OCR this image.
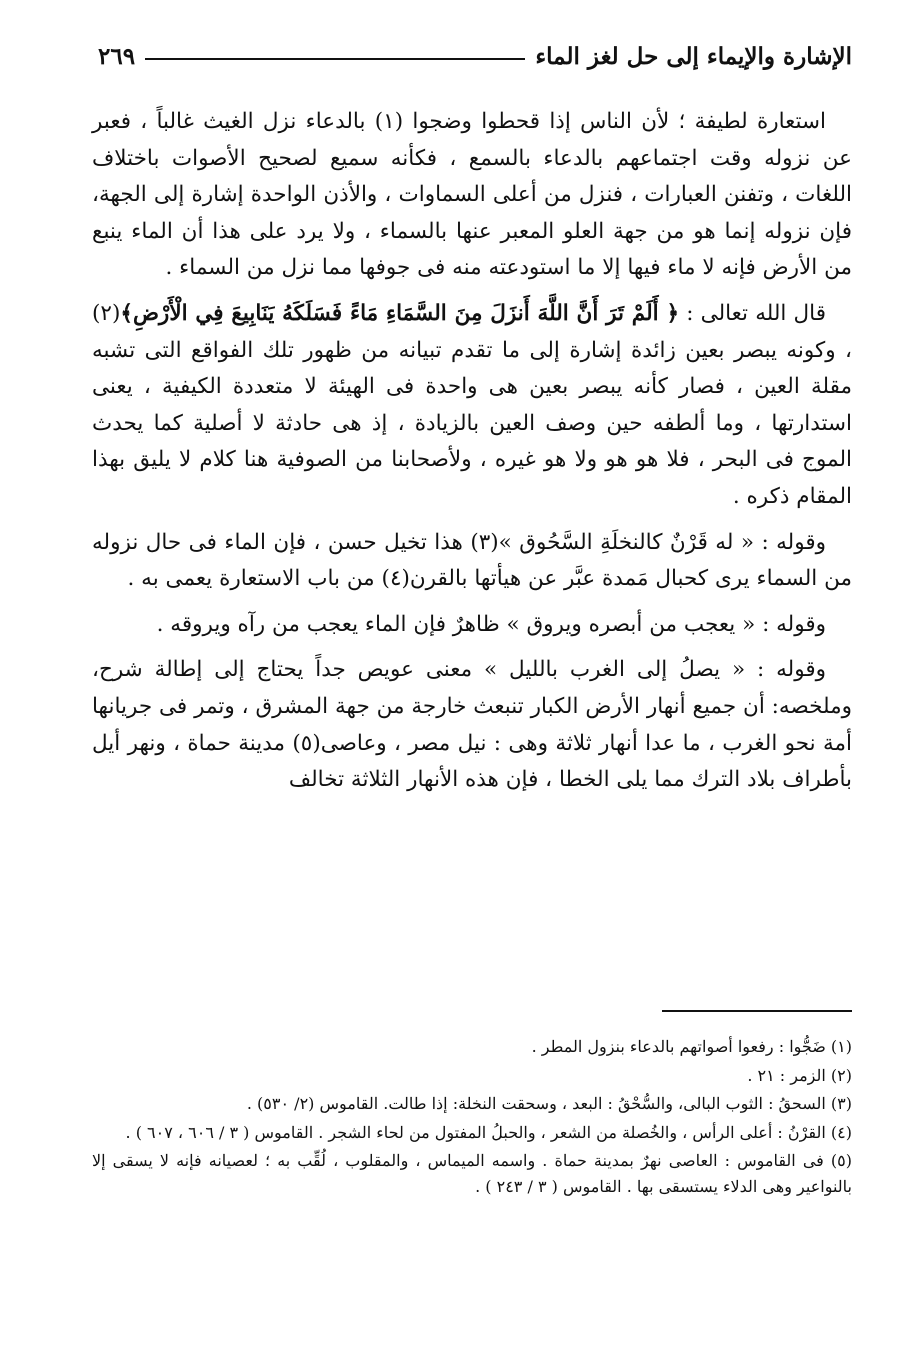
الإشارة والإيماء إلى حل لغز الماء
٢٦٩

استعارة لطيفة ؛ لأن الناس إذا قحطوا وضجوا (١) بالدعاء نزل الغيث غالباً ، فعبر عن نزوله وقت اجتماعهم بالدعاء بالسمع ، فكأنه سميع لصحيح الأصوات باختلاف اللغات ، وتفنن العبارات ، فنزل من أعلى السماوات ، والأذن الواحدة إشارة إلى الجهة، فإن نزوله إنما هو من جهة العلو المعبر عنها بالسماء ، ولا يرد على هذا أن الماء ينبع من الأرض فإنه لا ماء فيها إلا ما استودعته منه فى جوفها مما نزل من السماء .

قال الله تعالى : ﴿ أَلَمْ تَرَ أَنَّ اللَّهَ أَنزَلَ مِنَ السَّمَاءِ مَاءً فَسَلَكَهُ يَنَابِيعَ فِي الْأَرْضِ﴾(٢) ، وكونه يبصر بعين زائدة إشارة إلى ما تقدم تبيانه من ظهور تلك الفواقع التى تشبه مقلة العين ، فصار كأنه يبصر بعين هى واحدة فى الهيئة لا متعددة الكيفية ، يعنى استدارتها ، وما ألطفه حين وصف العين بالزيادة ، إذ هى حادثة لا أصلية كما يحدث الموج فى البحر ، فلا هو هو ولا هو غيره ، ولأصحابنا من الصوفية هنا كلام لا يليق بهذا المقام ذكره .

وقوله : « له قَرْنٌ كالنخلَةِ السَّحُوق »(٣) هذا تخيل حسن ، فإن الماء فى حال نزوله من السماء يرى كحبال مَمدة عبَّر عن هيأتها بالقرن(٤) من باب الاستعارة يعمى به .

وقوله : « يعجب من أبصره ويروق » ظاهرٌ فإن الماء يعجب من رآه ويروقه .

وقوله : « يصلُ إلى الغرب بالليل » معنى عويص جداً يحتاج إلى إطالة شرح، وملخصه: أن جميع أنهار الأرض الكبار تنبعث خارجة من جهة المشرق ، وتمر فى جريانها أمة نحو الغرب ، ما عدا أنهار ثلاثة وهى : نيل مصر ، وعاصى(٥) مدينة حماة ، ونهر أيل بأطراف بلاد الترك مما يلى الخطا ، فإن هذه الأنهار الثلاثة تخالف

(١) ضَجُّوا : رفعوا أصواتهم بالدعاء بنزول المطر .

(٢) الزمر : ٢١ .

(٣) السحقُ : الثوب البالى، والسُّحْقُ : البعد ، وسحقت النخلة: إذا طالت. القاموس (٢/ ٥٣٠) .

(٤) القرْنُ : أعلى الرأس ، والخُصلة من الشعر ، والحبلُ المفتول من لحاء الشجر . القاموس ( ٣ / ٦٠٦ ، ٦٠٧ ) .

(٥) فى القاموس : العاصى نهرٌ بمدينة حماة . واسمه الميماس ، والمقلوب ، لُقِّب به ؛ لعصيانه فإنه لا يسقى إلا بالنواعير وهى الدلاء يستسقى بها . القاموس ( ٣ / ٢٤٣ ) .
